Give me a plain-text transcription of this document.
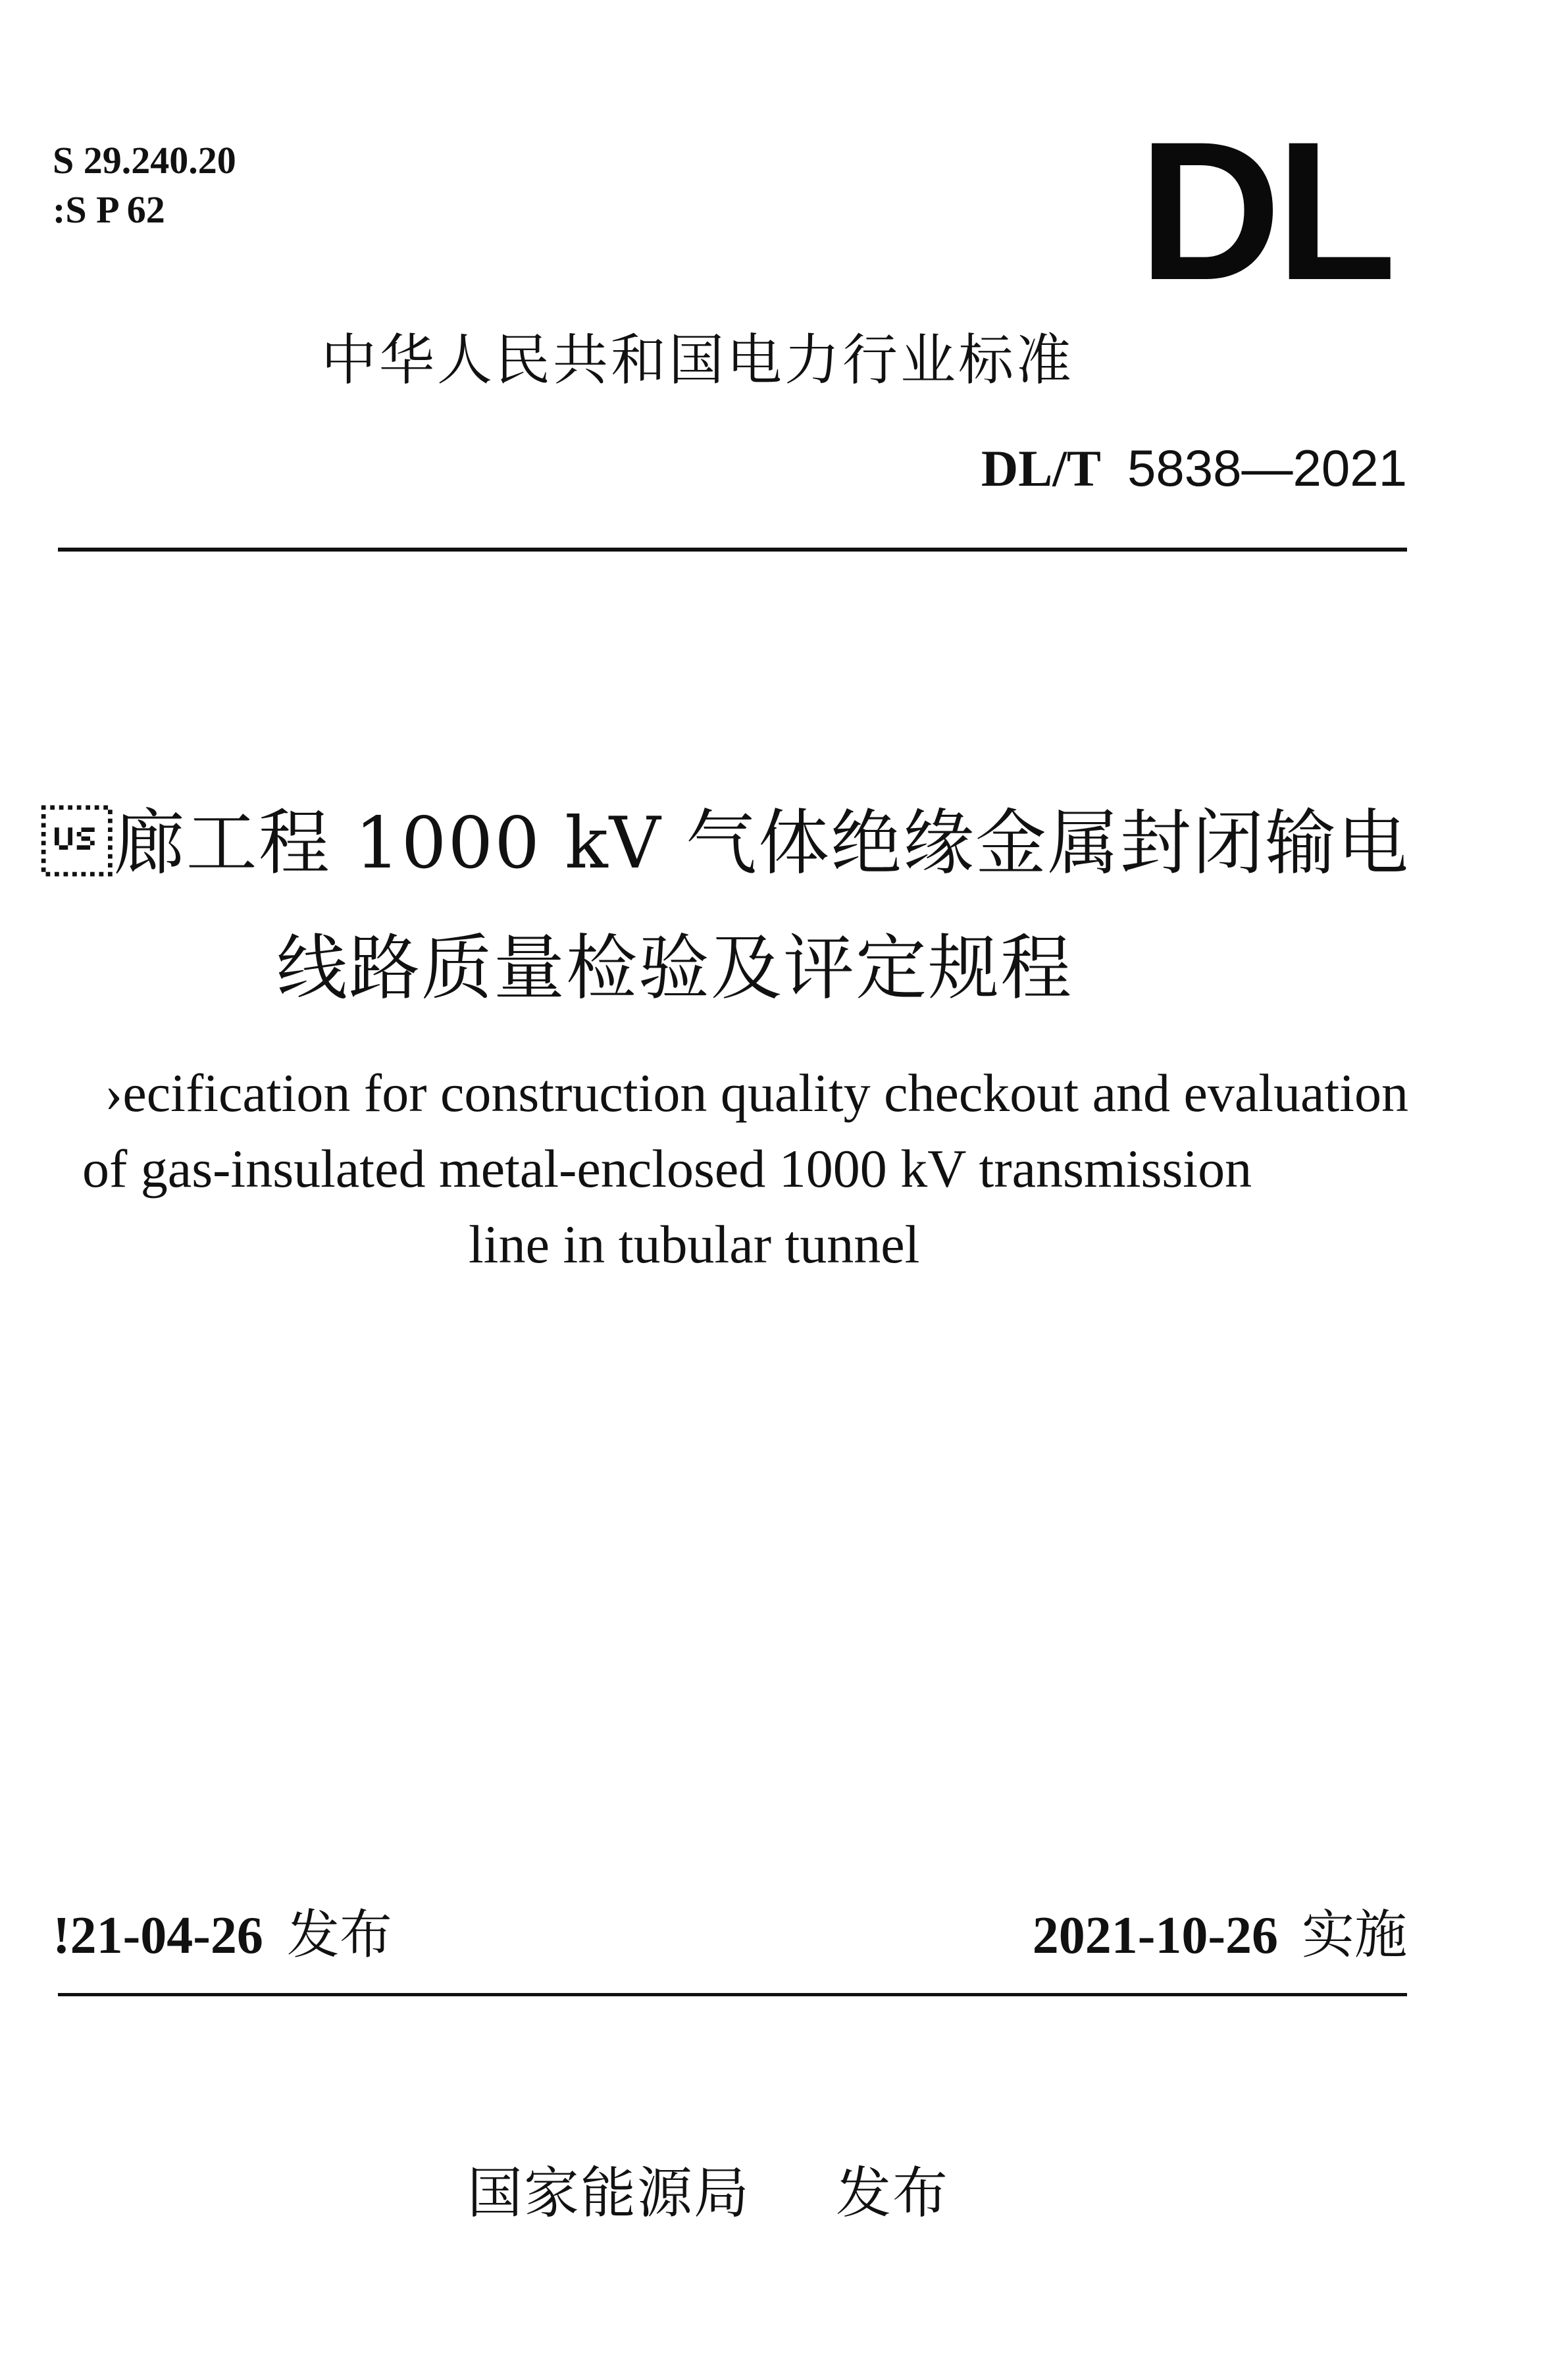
S 29.240.20
:S P 62	DL
中华人民共和国电力行业标准
DL/T 5838—2021
廊工程 1000 kV 气体绝缘金属封闭输电
线路质量检验及评定规程
›ecification for construction quality checkout and evaluation
of gas-insulated metal-enclosed 1000 kV transmission
line in tubular tunnel
!21-04-26 发布	2021-10-26 实施
国家能源局 发布
